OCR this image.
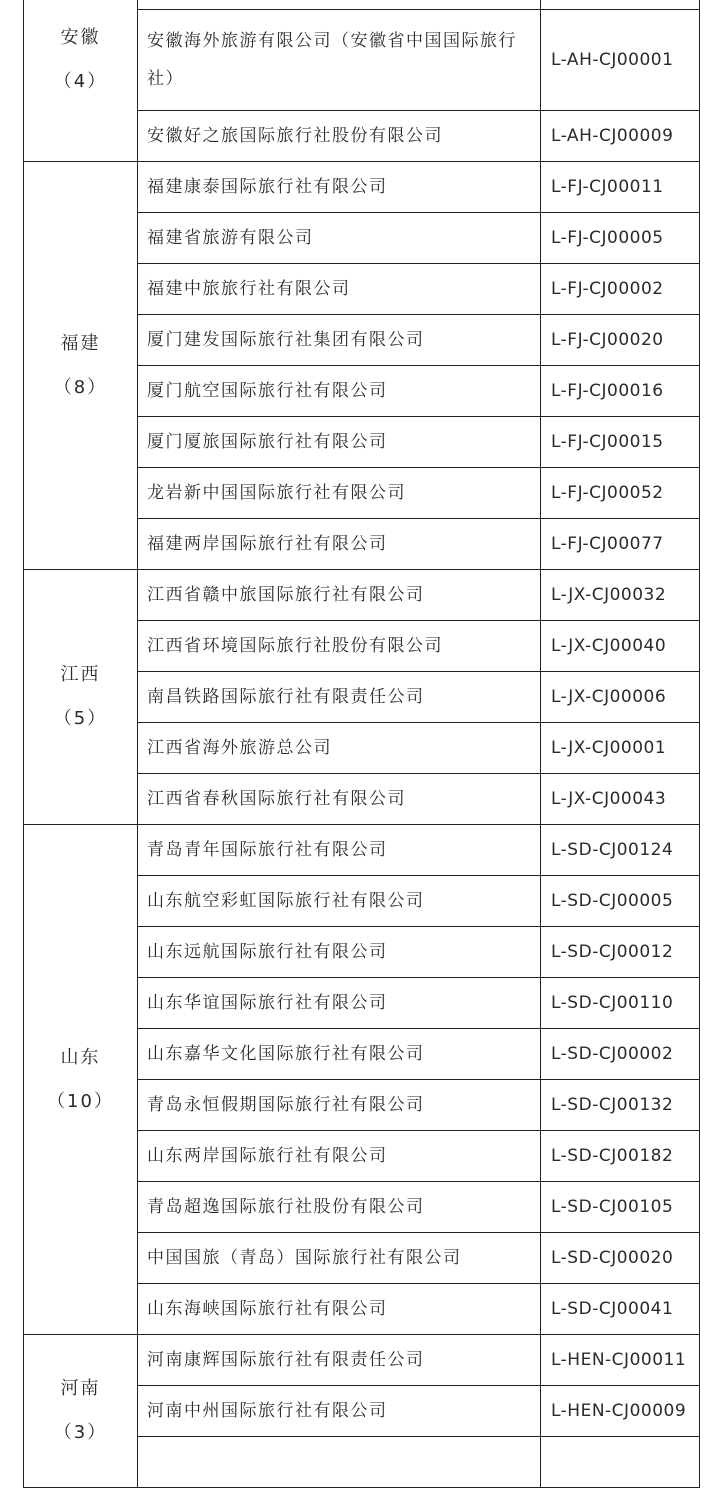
安徽
（4）		

	安徽海外旅游有限公司（安徽省中国国际旅行社）	L-AH-CJ00001
	安徽好之旅国际旅行社股份有限公司	L-AH-CJ00009

福建
（8）	福建康泰国际旅行社有限公司	L-FJ-CJ00011
	福建省旅游有限公司	L-FJ-CJ00005
	福建中旅旅行社有限公司	L-FJ-CJ00002
	厦门建发国际旅行社集团有限公司	L-FJ-CJ00020
	厦门航空国际旅行社有限公司	L-FJ-CJ00016
	厦门厦旅国际旅行社有限公司	L-FJ-CJ00015
	龙岩新中国国际旅行社有限公司	L-FJ-CJ00052
	福建两岸国际旅行社有限公司	L-FJ-CJ00077

江西
（5）	江西省赣中旅国际旅行社有限公司	L-JX-CJ00032
	江西省环境国际旅行社股份有限公司	L-JX-CJ00040
	南昌铁路国际旅行社有限责任公司	L-JX-CJ00006
	江西省海外旅游总公司	L-JX-CJ00001
	江西省春秋国际旅行社有限公司	L-JX-CJ00043

山东
（10）	青岛青年国际旅行社有限公司	L-SD-CJ00124
	山东航空彩虹国际旅行社有限公司	L-SD-CJ00005
	山东远航国际旅行社有限公司	L-SD-CJ00012
	山东华谊国际旅行社有限公司	L-SD-CJ00110
	山东嘉华文化国际旅行社有限公司	L-SD-CJ00002
	青岛永恒假期国际旅行社有限公司	L-SD-CJ00132
	山东两岸国际旅行社有限公司	L-SD-CJ00182
	青岛超逸国际旅行社股份有限公司	L-SD-CJ00105
	中国国旅（青岛）国际旅行社有限公司	L-SD-CJ00020
	山东海峡国际旅行社有限公司	L-SD-CJ00041

河南
（3）	河南康辉国际旅行社有限责任公司	L-HEN-CJ00011
	河南中州国际旅行社有限公司	L-HEN-CJ00009
